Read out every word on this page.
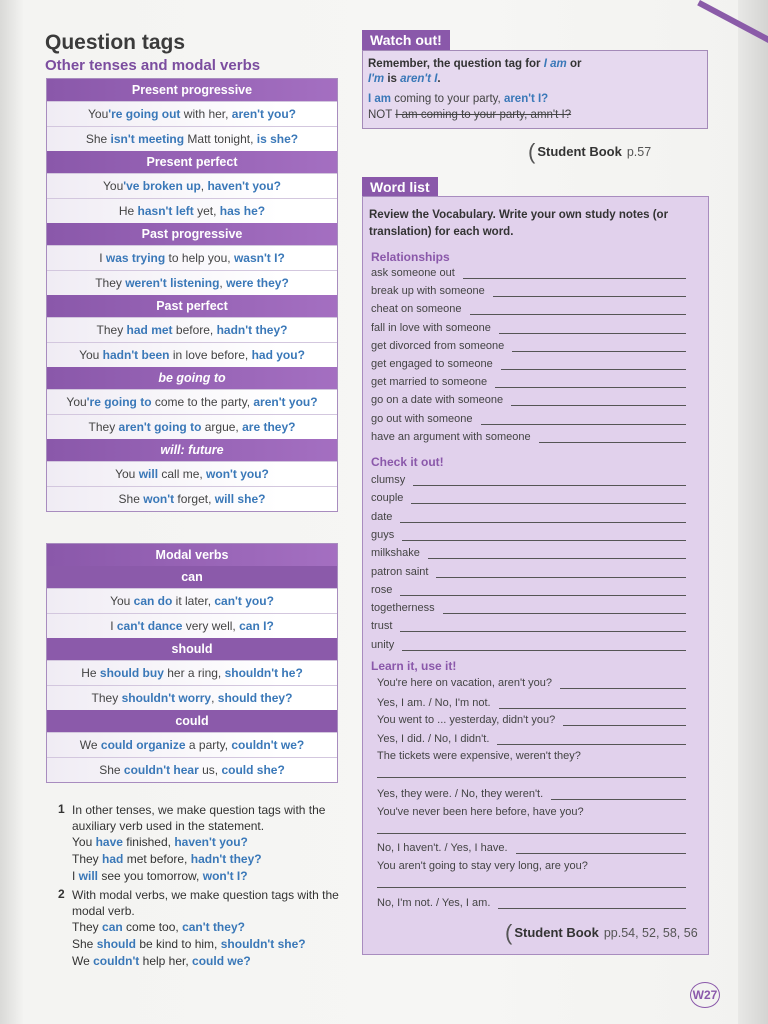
Question tags
Other tenses and modal verbs
Present progressive
You're going out with her, aren't you?
She isn't meeting Matt tonight, is she?
Present perfect
You've broken up, haven't you?
He hasn't left yet, has he?
Past progressive
I was trying to help you, wasn't I?
They weren't listening, were they?
Past perfect
They had met before, hadn't they?
You hadn't been in love before, had you?
be going to
You're going to come to the party, aren't you?
They aren't going to argue, are they?
will: future
You will call me, won't you?
She won't forget, will she?
Modal verbs
can
You can do it later, can't you?
I can't dance very well, can I?
should
He should buy her a ring, shouldn't he?
They shouldn't worry, should they?
could
We could organize a party, couldn't we?
She couldn't hear us, could she?
1 In other tenses, we make question tags with the auxiliary verb used in the statement.
You have finished, haven't you?
They had met before, hadn't they?
I will see you tomorrow, won't I?
2 With modal verbs, we make question tags with the modal verb.
They can come too, can't they?
She should be kind to him, shouldn't she?
We couldn't help her, could we?
Watch out!
Remember, the question tag for I am or
I'm is aren't I.
I am coming to your party, aren't I?
NOT I am coming to your party, amn't I?
( Student Book p.57
Word list
Review the Vocabulary. Write your own study notes (or translation) for each word.
Relationships
ask someone out
break up with someone
cheat on someone
fall in love with someone
get divorced from someone
get engaged to someone
get married to someone
go on a date with someone
go out with someone
have an argument with someone
Check it out!
clumsy
couple
date
guys
milkshake
patron saint
rose
togetherness
trust
unity
Learn it, use it!
You're here on vacation, aren't you?
Yes, I am. / No, I'm not.
You went to ... yesterday, didn't you?
Yes, I did. / No, I didn't.
The tickets were expensive, weren't they?
Yes, they were. / No, they weren't.
You've never been here before, have you?
No, I haven't. / Yes, I have.
You aren't going to stay very long, are you?
No, I'm not. / Yes, I am.
( Student Book pp.54, 52, 58, 56
W27
